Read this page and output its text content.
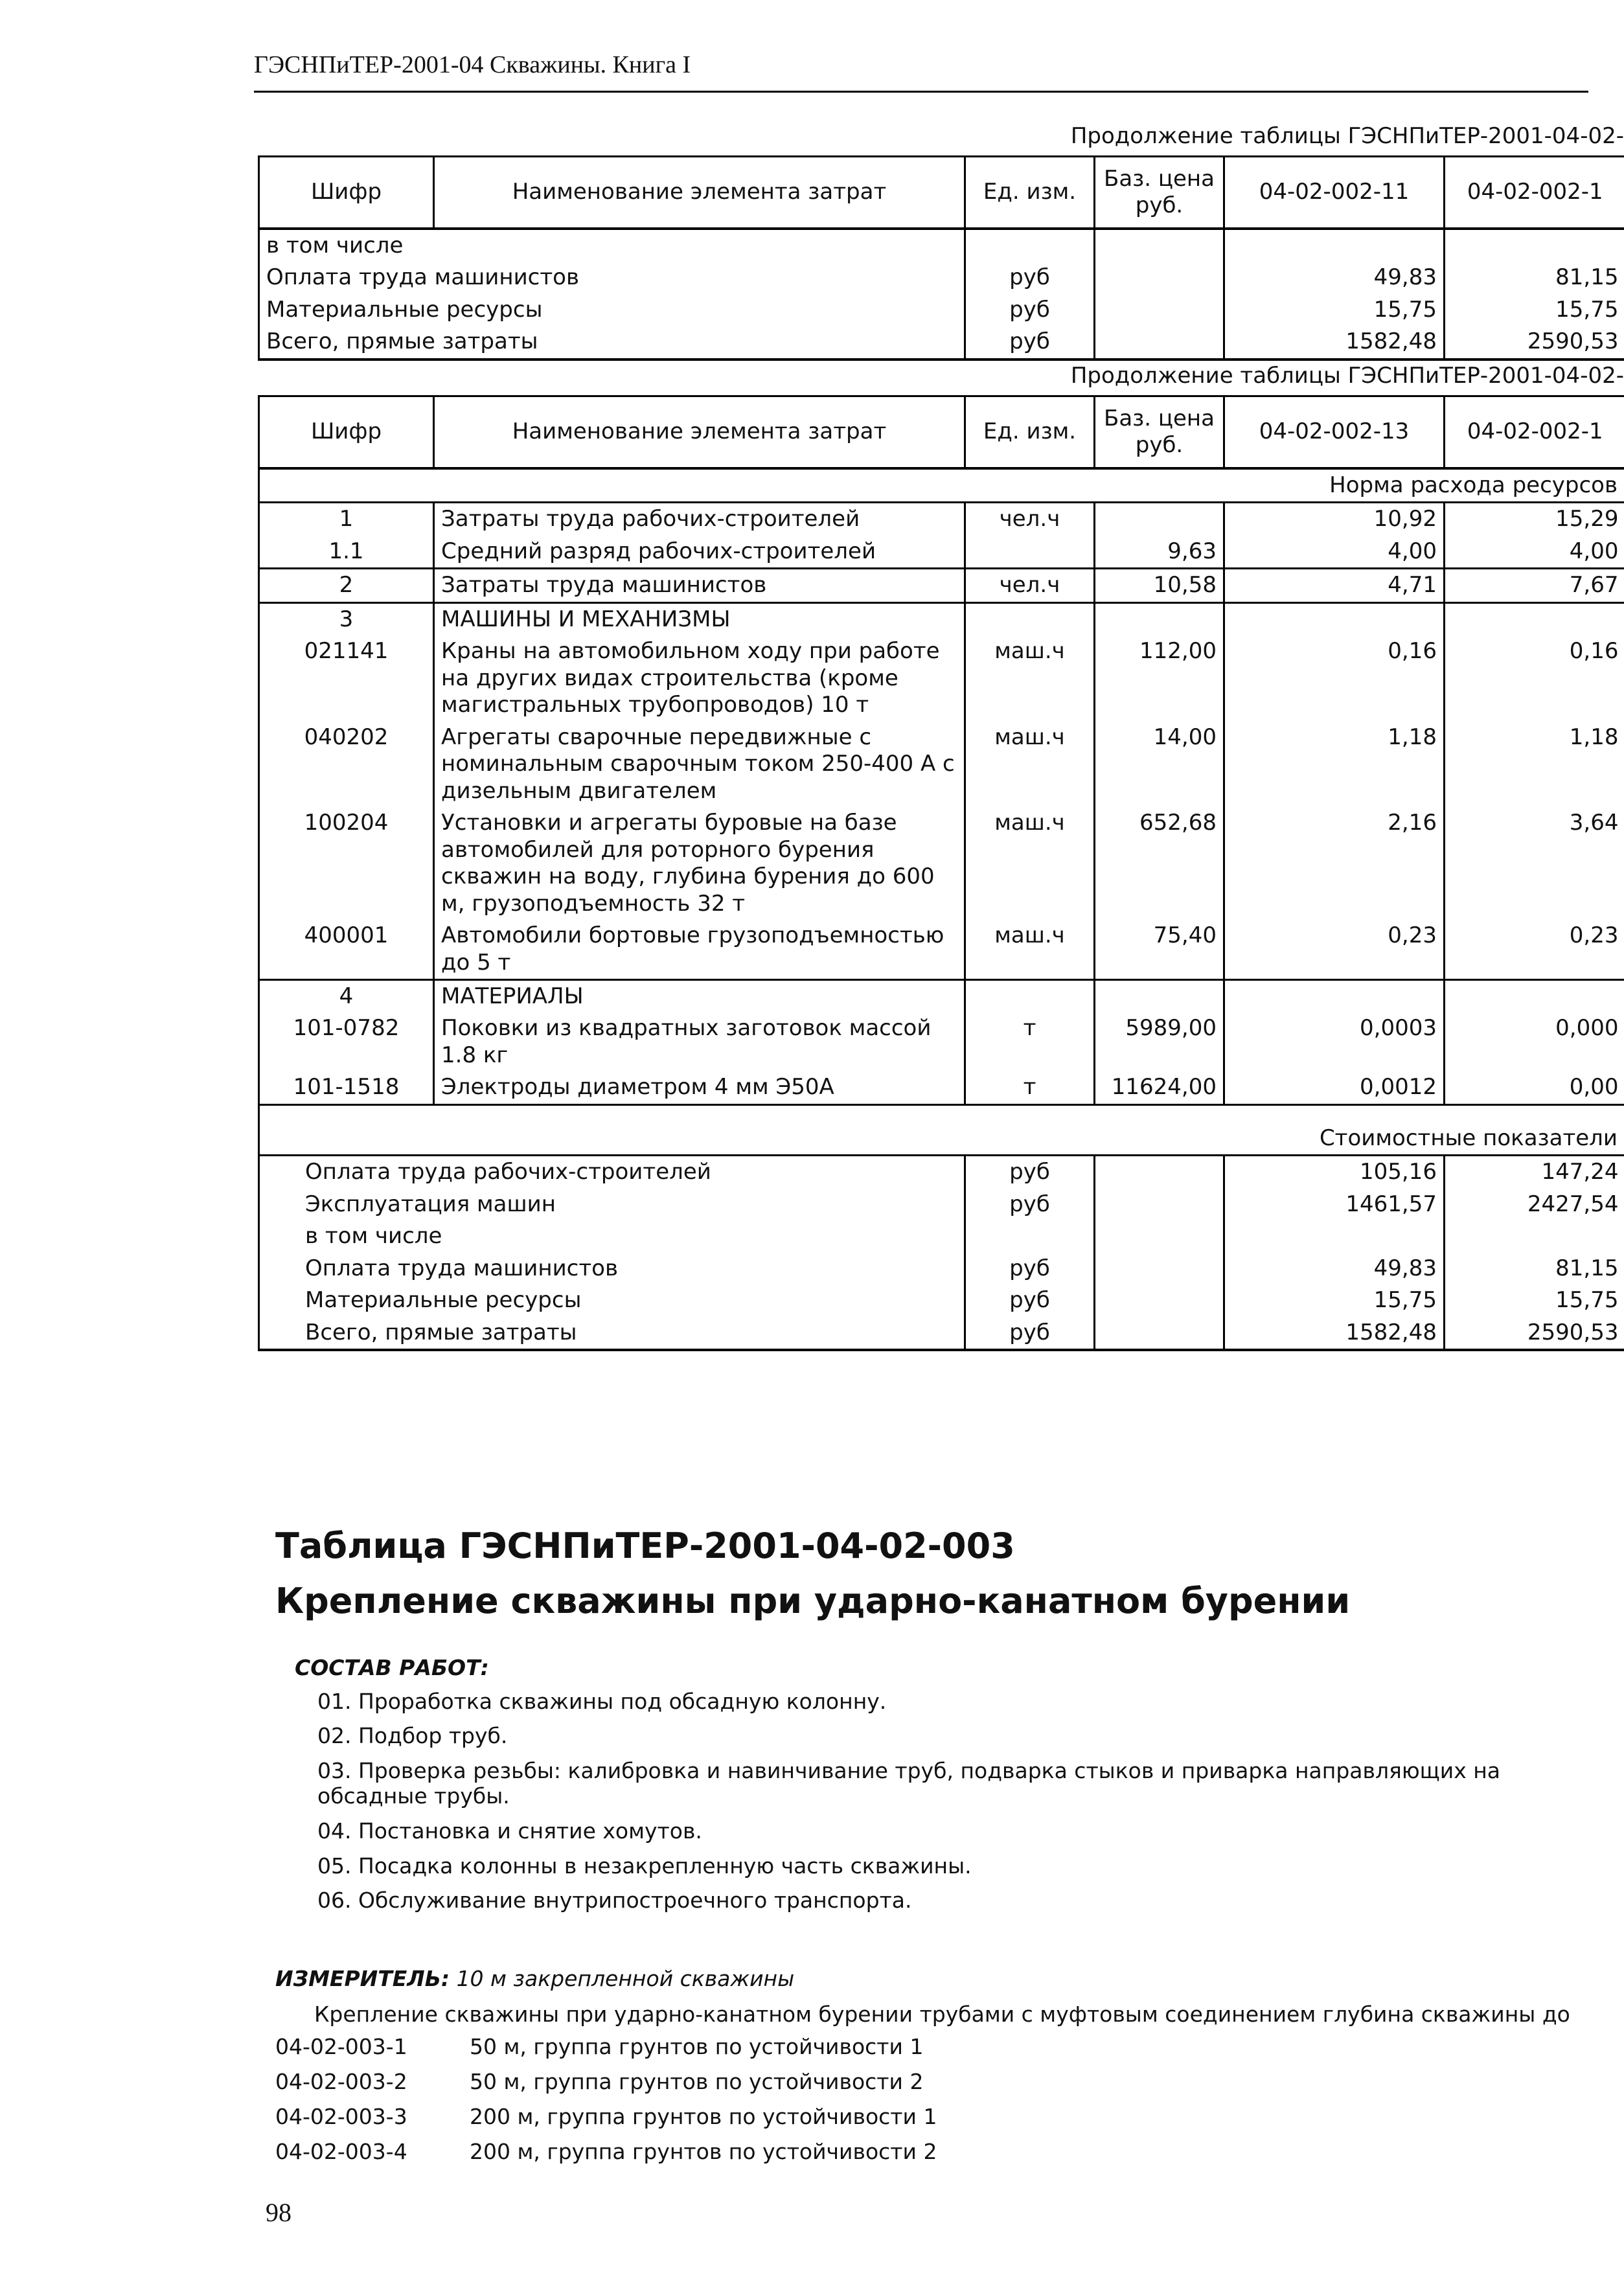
ГЭСНПиТЕР-2001-04 Скважины. Книга I
Продолжение таблицы ГЭСНПиТЕР-2001-04-02-
Шифр	Наименование элемента затрат	Ед. изм.	Баз. цена руб.	04-02-002-11	04-02-002-1
в том числе					
Оплата труда машинистов		руб		49,83	81,15
Материальные ресурсы		руб		15,75	15,75
Всего, прямые затраты		руб		1582,48	2590,53
Продолжение таблицы ГЭСНПиТЕР-2001-04-02-
Шифр	Наименование элемента затрат	Ед. изм.	Баз. цена руб.	04-02-002-13	04-02-002-1
Норма расхода ресурсов					
1	Затраты труда рабочих-строителей	чел.ч		10,92	15,29
1.1	Средний разряд рабочих-строителей		9,63	4,00	4,00
2	Затраты труда машинистов	чел.ч	10,58	4,71	7,67
3	МАШИНЫ И МЕХАНИЗМЫ				
021141	Краны на автомобильном ходу при работе на других видах строительства (кроме магистральных трубопроводов) 10 т	маш.ч	112,00	0,16	0,16
040202	Агрегаты сварочные передвижные с номинальным сварочным током 250-400 А с дизельным двигателем	маш.ч	14,00	1,18	1,18
100204	Установки и агрегаты буровые на базе автомобилей для роторного бурения скважин на воду, глубина бурения до 600 м, грузоподъемность 32 т	маш.ч	652,68	2,16	3,64
400001	Автомобили бортовые грузоподъемностью до 5 т	маш.ч	75,40	0,23	0,23
4	МАТЕРИАЛЫ				
101-0782	Поковки из квадратных заготовок массой 1.8 кг	т	5989,00	0,0003	0,000
101-1518	Электроды диаметром 4 мм Э50А	т	11624,00	0,0012	0,00
Стоимостные показатели					
Оплата труда рабочих-строителей		руб		105,16	147,24
Эксплуатация машин		руб		1461,57	2427,54
в том числе					
Оплата труда машинистов		руб		49,83	81,15
Материальные ресурсы		руб		15,75	15,75
Всего, прямые затраты		руб		1582,48	2590,53
Таблица ГЭСНПиТЕР-2001-04-02-003
Крепление скважины при ударно-канатном бурении
СОСТАВ РАБОТ:
01. Проработка скважины под обсадную колонну.
02. Подбор труб.
03. Проверка резьбы: калибровка и навинчивание труб, подварка стыков и приварка направляющих на обсадные трубы.
04. Постановка и снятие хомутов.
05. Посадка колонны в незакрепленную часть скважины.
06. Обслуживание внутрипостроечного транспорта.
ИЗМЕРИТЕЛЬ: 10 м закрепленной скважины
Крепление скважины при ударно-канатном бурении трубами с муфтовым соединением глубина скважины до
04-02-003-1	50 м, группа грунтов по устойчивости 1
04-02-003-2	50 м, группа грунтов по устойчивости 2
04-02-003-3	200 м, группа грунтов по устойчивости 1
04-02-003-4	200 м, группа грунтов по устойчивости 2
98
